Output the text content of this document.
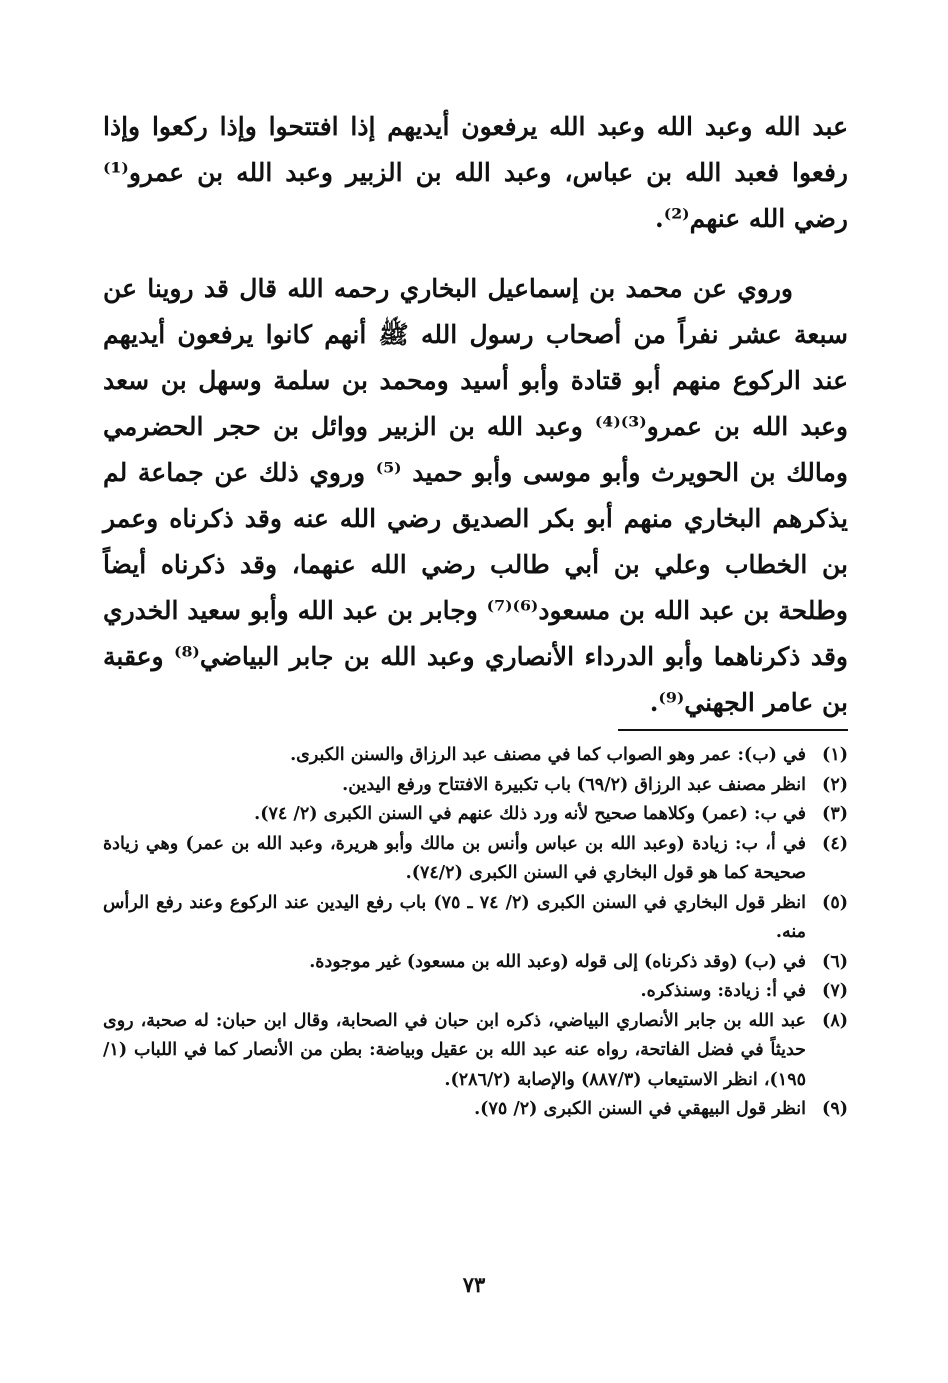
عبد الله وعبد الله وعبد الله يرفعون أيديهم إذا افتتحوا وإذا ركعوا وإذا رفعوا فعبد الله بن عباس، وعبد الله بن الزبير وعبد الله بن عمرو⁽¹⁾ رضي الله عنهم⁽²⁾.

وروي عن محمد بن إسماعيل البخاري رحمه الله قال قد روينا عن سبعة عشر نفراً من أصحاب رسول الله ﷺ أنهم كانوا يرفعون أيديهم عند الركوع منهم أبو قتادة وأبو أسيد ومحمد بن سلمة وسهل بن سعد وعبد الله بن عمرو⁽³⁾⁽⁴⁾ وعبد الله بن الزبير ووائل بن حجر الحضرمي ومالك بن الحويرث وأبو موسى وأبو حميد ⁽⁵⁾ وروي ذلك عن جماعة لم يذكرهم البخاري منهم أبو بكر الصديق رضي الله عنه وقد ذكرناه وعمر بن الخطاب وعلي بن أبي طالب رضي الله عنهما، وقد ذكرناه أيضاً وطلحة بن عبد الله بن مسعود⁽⁶⁾⁽⁷⁾ وجابر بن عبد الله وأبو سعيد الخدري وقد ذكرناهما وأبو الدرداء الأنصاري وعبد الله بن جابر البياضي⁽⁸⁾ وعقبة بن عامر الجهني⁽⁹⁾.

(١)
في (ب): عمر وهو الصواب كما في مصنف عبد الرزاق والسنن الكبرى.
(٢)
انظر مصنف عبد الرزاق (٦٩/٢) باب تكبيرة الافتتاح ورفع اليدين.
(٣)
في ب: (عمر) وكلاهما صحيح لأنه ورد ذلك عنهم في السنن الكبرى (٢/ ٧٤).
(٤)
في أ، ب: زيادة (وعبد الله بن عباس وأنس بن مالك وأبو هريرة، وعبد الله بن عمر) وهي زيادة صحيحة كما هو قول البخاري في السنن الكبرى (٧٤/٢).
(٥)
انظر قول البخاري في السنن الكبرى (٢/ ٧٤ ـ ٧٥) باب رفع اليدين عند الركوع وعند رفع الرأس منه.
(٦)
في (ب) (وقد ذكرناه) إلى قوله (وعبد الله بن مسعود) غير موجودة.
(٧)
في أ: زيادة: وسنذكره.
(٨)
عبد الله بن جابر الأنصاري البياضي، ذكره ابن حبان في الصحابة، وقال ابن حبان: له صحبة، روى حديثاً في فضل الفاتحة، رواه عنه عبد الله بن عقيل وبياضة: بطن من الأنصار كما في اللباب (١/ ١٩٥)، انظر الاستيعاب (٨٨٧/٣) والإصابة (٢٨٦/٢).
(٩)
انظر قول البيهقي في السنن الكبرى (٢/ ٧٥).
٧٣
